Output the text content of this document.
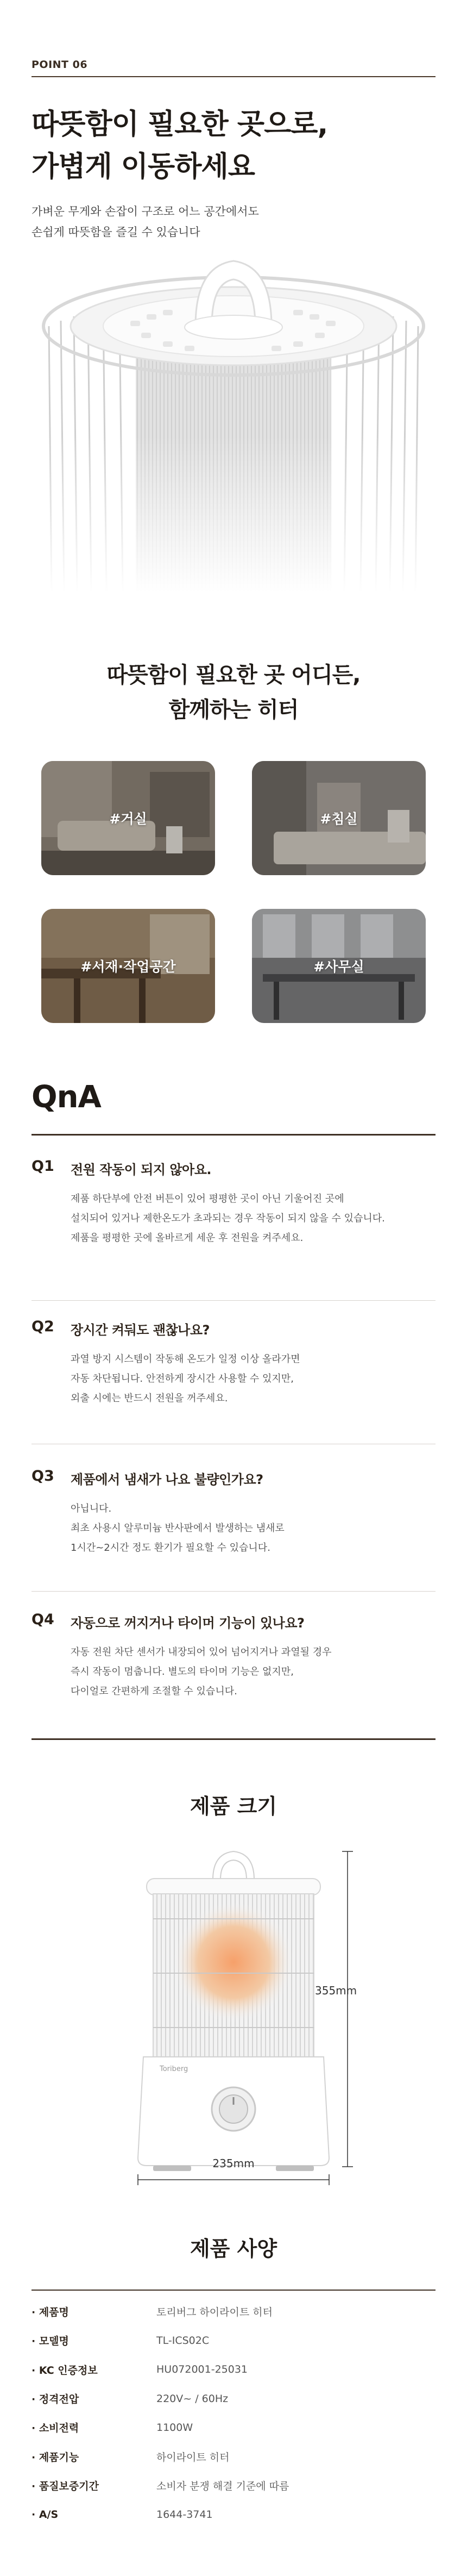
POINT 06
따뜻함이 필요한 곳으로,
가볍게 이동하세요
가벼운 무게와 손잡이 구조로 어느 공간에서도
손쉽게 따뜻함을 즐길 수 있습니다
따뜻함이 필요한 곳 어디든,
함께하는 히터
#거실	#침실
#서재·작업공간	#사무실
QnA
Q1 전원 작동이 되지 않아요.
제품 하단부에 안전 버튼이 있어 평평한 곳이 아닌 기울어진 곳에
설치되어 있거나 제한온도가 초과되는 경우 작동이 되지 않을 수 있습니다.
제품을 평평한 곳에 올바르게 세운 후 전원을 켜주세요.
Q2 장시간 켜둬도 괜찮나요?
과열 방지 시스템이 작동해 온도가 일정 이상 올라가면
자동 차단됩니다. 안전하게 장시간 사용할 수 있지만,
외출 시에는 반드시 전원을 꺼주세요.
Q3 제품에서 냄새가 나요 불량인가요?
아닙니다.
최초 사용시 알루미늄 반사판에서 발생하는 냄새로
1시간~2시간 정도 환기가 필요할 수 있습니다.
Q4 자동으로 꺼지거나 타이머 기능이 있나요?
자동 전원 차단 센서가 내장되어 있어 넘어지거나 과열될 경우
즉시 작동이 멈춥니다. 별도의 타이머 기능은 없지만,
다이얼로 간편하게 조절할 수 있습니다.
제품 크기
Toriberg
355mm
235mm
제품 사양
· 제품명	토리버그 하이라이트 히터
· 모델명	TL-ICS02C
· KC 인증정보	HU072001-25031
· 정격전압	220V~ / 60Hz
· 소비전력	1100W
· 제품기능	하이라이트 히터
· 품질보증기간	소비자 분쟁 해결 기준에 따름
· A/S	1644-3741
